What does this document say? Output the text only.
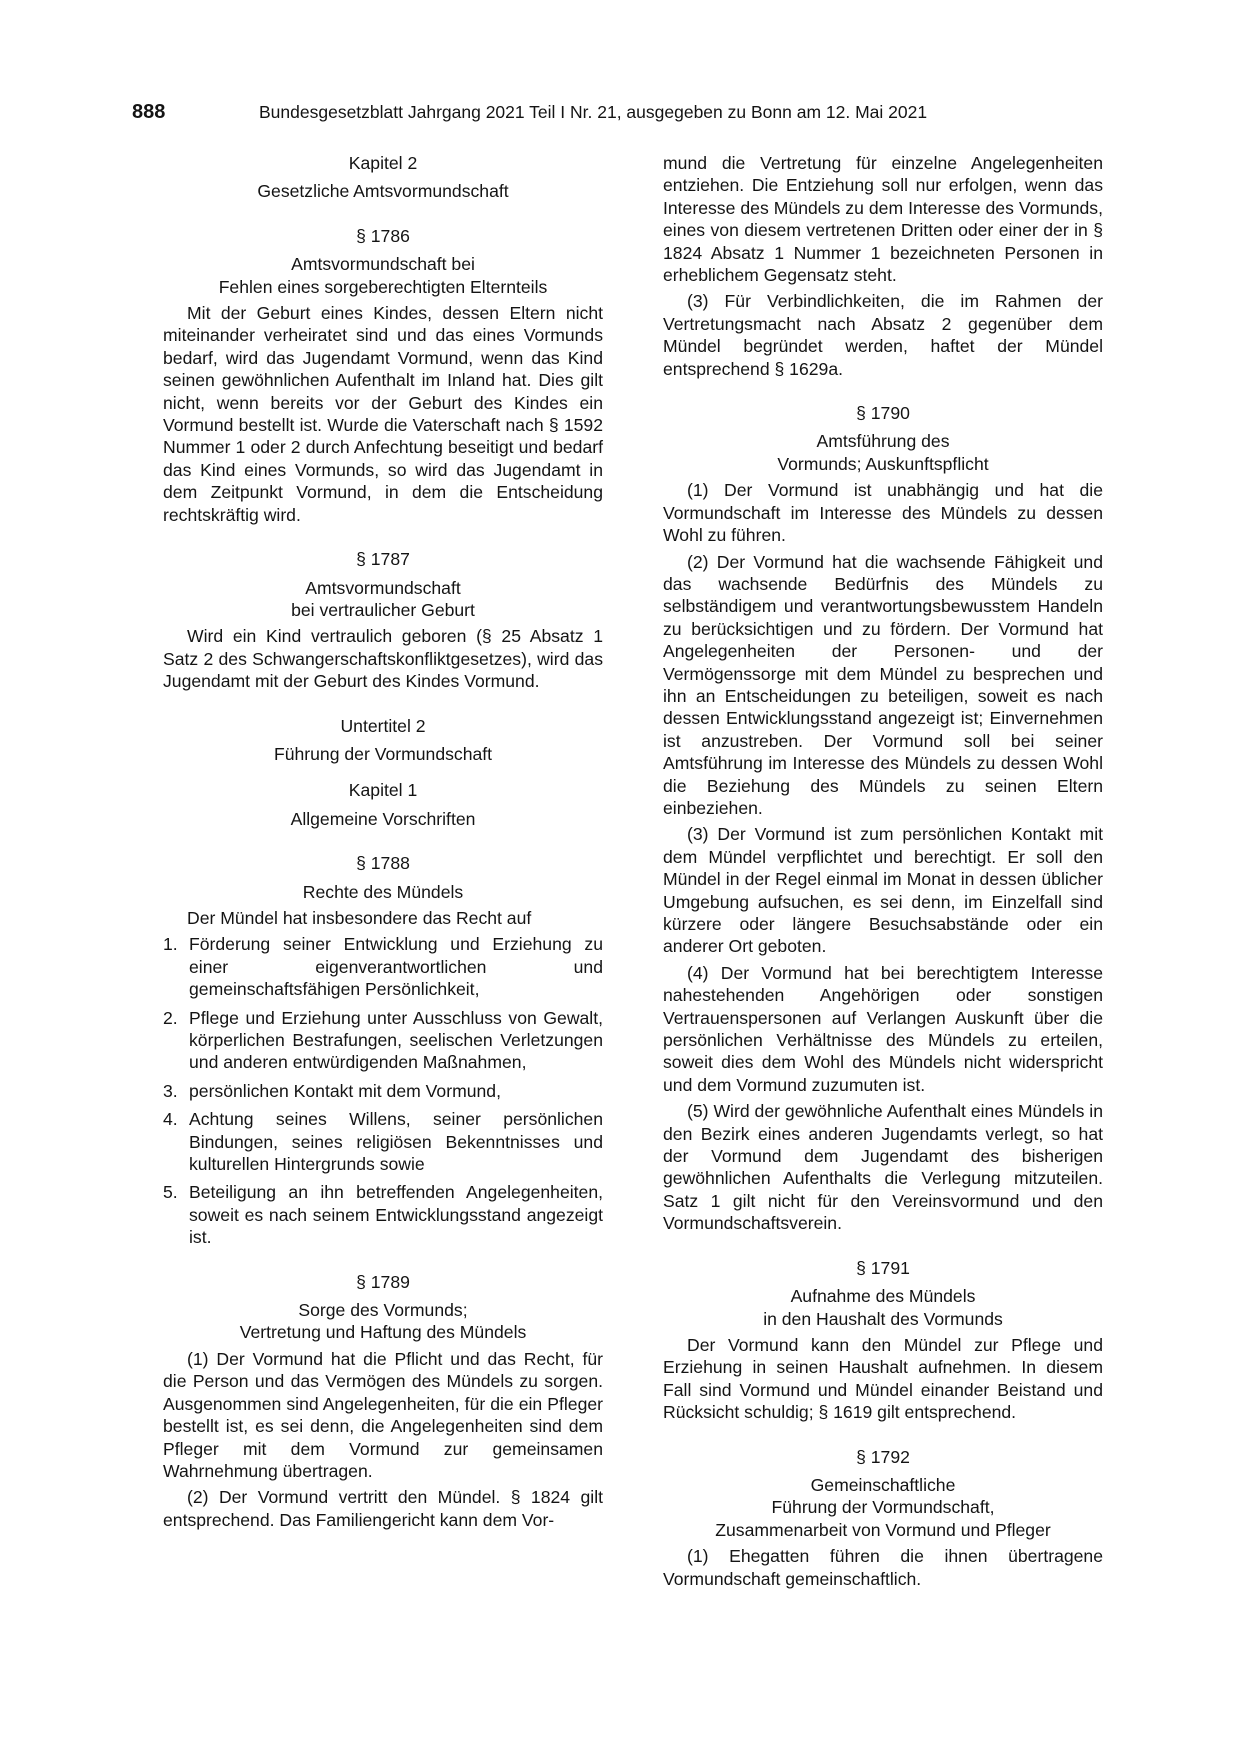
888	Bundesgesetzblatt Jahrgang 2021 Teil I Nr. 21, ausgegeben zu Bonn am 12. Mai 2021
Kapitel 2
Gesetzliche Amtsvormundschaft
§ 1786
Amtsvormundschaft bei
Fehlen eines sorgeberechtigten Elternteils

Mit der Geburt eines Kindes, dessen Eltern nicht miteinander verheiratet sind und das eines Vormunds bedarf, wird das Jugendamt Vormund, wenn das Kind seinen gewöhnlichen Aufenthalt im Inland hat. Dies gilt nicht, wenn bereits vor der Geburt des Kindes ein Vormund bestellt ist. Wurde die Vaterschaft nach § 1592 Nummer 1 oder 2 durch Anfechtung beseitigt und bedarf das Kind eines Vormunds, so wird das Jugendamt in dem Zeitpunkt Vormund, in dem die Entscheidung rechtskräftig wird.

§ 1787
Amtsvormundschaft
bei vertraulicher Geburt

Wird ein Kind vertraulich geboren (§ 25 Absatz 1 Satz 2 des Schwangerschaftskonfliktgesetzes), wird das Jugendamt mit der Geburt des Kindes Vormund.

Untertitel 2
Führung der Vormundschaft
Kapitel 1
Allgemeine Vorschriften
§ 1788
Rechte des Mündels

Der Mündel hat insbesondere das Recht auf

1. Förderung seiner Entwicklung und Erziehung zu einer eigenverantwortlichen und gemeinschaftsfähigen Persönlichkeit,
2. Pflege und Erziehung unter Ausschluss von Gewalt, körperlichen Bestrafungen, seelischen Verletzungen und anderen entwürdigenden Maßnahmen,
3. persönlichen Kontakt mit dem Vormund,
4. Achtung seines Willens, seiner persönlichen Bindungen, seines religiösen Bekenntnisses und kulturellen Hintergrunds sowie
5. Beteiligung an ihn betreffenden Angelegenheiten, soweit es nach seinem Entwicklungsstand angezeigt ist.
§ 1789
Sorge des Vormunds;
Vertretung und Haftung des Mündels

(1) Der Vormund hat die Pflicht und das Recht, für die Person und das Vermögen des Mündels zu sorgen. Ausgenommen sind Angelegenheiten, für die ein Pfleger bestellt ist, es sei denn, die Angelegenheiten sind dem Pfleger mit dem Vormund zur gemeinsamen Wahrnehmung übertragen.

(2) Der Vormund vertritt den Mündel. § 1824 gilt entsprechend. Das Familiengericht kann dem Vor-

mund die Vertretung für einzelne Angelegenheiten entziehen. Die Entziehung soll nur erfolgen, wenn das Interesse des Mündels zu dem Interesse des Vormunds, eines von diesem vertretenen Dritten oder einer der in § 1824 Absatz 1 Nummer 1 bezeichneten Personen in erheblichem Gegensatz steht.

(3) Für Verbindlichkeiten, die im Rahmen der Vertretungsmacht nach Absatz 2 gegenüber dem Mündel begründet werden, haftet der Mündel entsprechend § 1629a.

§ 1790
Amtsführung des
Vormunds; Auskunftspflicht

(1) Der Vormund ist unabhängig und hat die Vormundschaft im Interesse des Mündels zu dessen Wohl zu führen.

(2) Der Vormund hat die wachsende Fähigkeit und das wachsende Bedürfnis des Mündels zu selbständigem und verantwortungsbewusstem Handeln zu berücksichtigen und zu fördern. Der Vormund hat Angelegenheiten der Personen- und der Vermögenssorge mit dem Mündel zu besprechen und ihn an Entscheidungen zu beteiligen, soweit es nach dessen Entwicklungsstand angezeigt ist; Einvernehmen ist anzustreben. Der Vormund soll bei seiner Amtsführung im Interesse des Mündels zu dessen Wohl die Beziehung des Mündels zu seinen Eltern einbeziehen.

(3) Der Vormund ist zum persönlichen Kontakt mit dem Mündel verpflichtet und berechtigt. Er soll den Mündel in der Regel einmal im Monat in dessen üblicher Umgebung aufsuchen, es sei denn, im Einzelfall sind kürzere oder längere Besuchsabstände oder ein anderer Ort geboten.

(4) Der Vormund hat bei berechtigtem Interesse nahestehenden Angehörigen oder sonstigen Vertrauenspersonen auf Verlangen Auskunft über die persönlichen Verhältnisse des Mündels zu erteilen, soweit dies dem Wohl des Mündels nicht widerspricht und dem Vormund zuzumuten ist.

(5) Wird der gewöhnliche Aufenthalt eines Mündels in den Bezirk eines anderen Jugendamts verlegt, so hat der Vormund dem Jugendamt des bisherigen gewöhnlichen Aufenthalts die Verlegung mitzuteilen. Satz 1 gilt nicht für den Vereinsvormund und den Vormundschaftsverein.

§ 1791
Aufnahme des Mündels
in den Haushalt des Vormunds

Der Vormund kann den Mündel zur Pflege und Erziehung in seinen Haushalt aufnehmen. In diesem Fall sind Vormund und Mündel einander Beistand und Rücksicht schuldig; § 1619 gilt entsprechend.

§ 1792
Gemeinschaftliche
Führung der Vormundschaft,
Zusammenarbeit von Vormund und Pfleger

(1) Ehegatten führen die ihnen übertragene Vormundschaft gemeinschaftlich.
